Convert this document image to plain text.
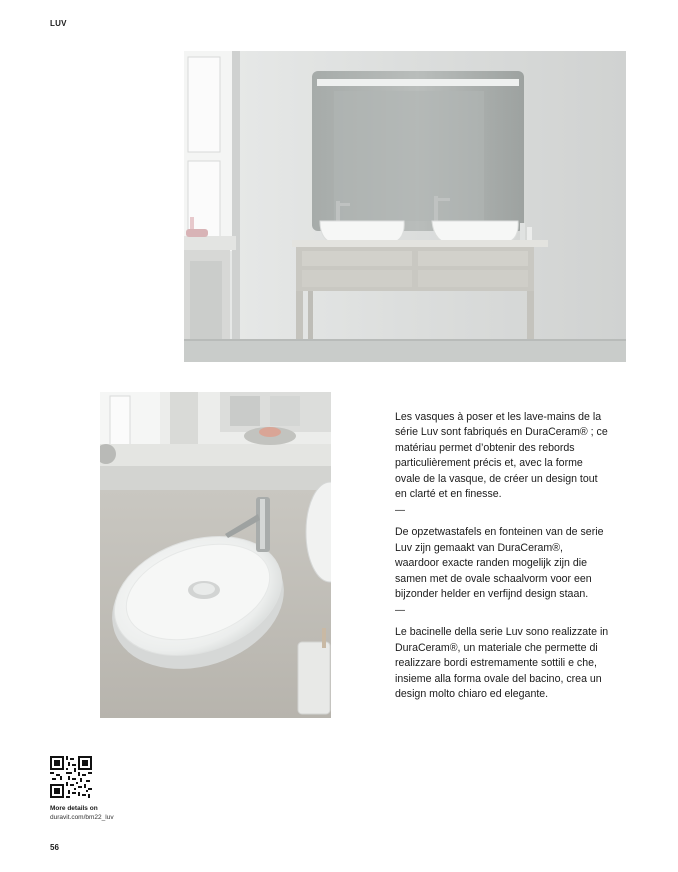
LUV

Les vasques à poser et les lave-mains de la série Luv sont fabriqués en DuraCeram® ; ce matériau permet d’obtenir des rebords particulièrement précis et, avec la forme ovale de la vasque, de créer un design tout en clarté et en finesse.

—

De opzetwastafels en fonteinen van de serie Luv zijn gemaakt van DuraCeram®, waardoor exacte randen mogelijk zijn die samen met de ovale schaalvorm voor een bijzonder helder en verfijnd design staan.

—

Le bacinelle della serie Luv sono realizzate in DuraCeram®, un materiale che permette di realizzare bordi estremamente sottili e che, insieme alla forma ovale del bacino, crea un design molto chiaro ed elegante.

More details on
duravit.com/bm22_luv
56
